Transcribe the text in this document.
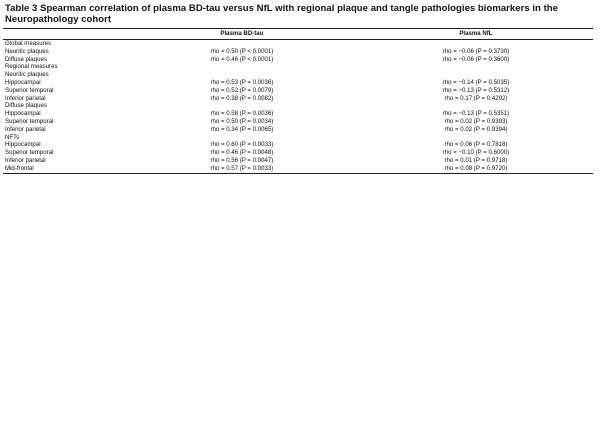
Table 3 Spearman correlation of plasma BD-tau versus NfL with regional plaque and tangle pathologies biomarkers in the Neuropathology cohort
	Plasma BD-tau	Plasma NfL
Global measures		
Neuritic plaques	rho = 0.50 (P < 0.0001)	rho = −0.06 (P = 0.3730)
Diffuse plaques	rho = 0.46 (P < 0.0001)	rho = −0.06 (P = 0.3600)
Regional measures		
Neuritic plaques		
Hippocampal	rho = 0.53 (P = 0.0036)	rho = −0.14 (P = 0.5035)
Superior temporal	rho = 0.52 (P = 0.0079)	rho = −0.13 (P = 0.5312)
Inferior parietal	rho = 0.38 (P = 0.0082)	rho = 0.17 (P = 0.4292)
Diffuse plaques		
Hippocampal	rho = 0.58 (P = 0.0036)	rho = −0.13 (P = 0.5351)
Superior temporal	rho = 0.50 (P = 0.0034)	rho = 0.02 (P = 0.9393)
Inferior parietal	rho = 0.34 (P = 0.0065)	rho = 0.02 (P = 0.9394)
NFTs		
Hippocampal	rho = 0.60 (P = 0.0033)	rho = 0.06 (P = 0.7818)
Superior temporal	rho = 0.46 (P = 0.0048)	rho = −0.10 (P = 0.6000)
Inferior parietal	rho = 0.56 (P = 0.0047)	rho = 0.01 (P = 0.9718)
Mid-frontal	rho = 0.57 (P = 0.0033)	rho = 0.08 (P = 0.9720)
